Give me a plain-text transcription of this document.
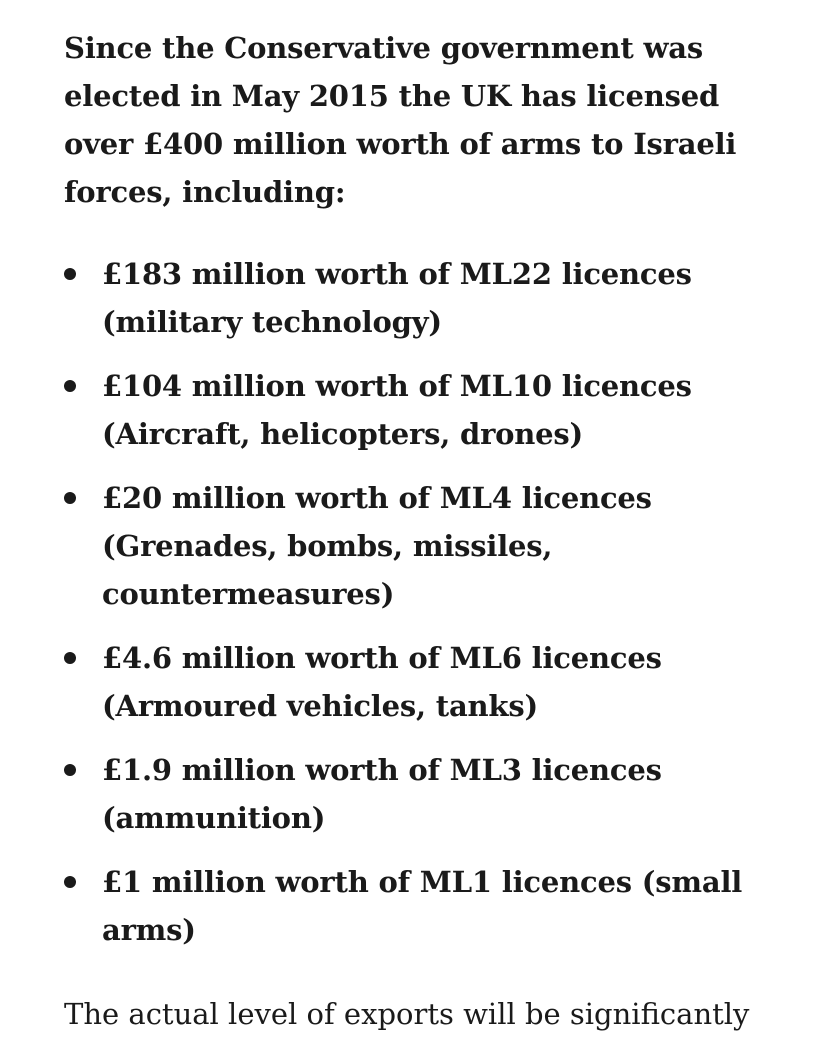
Since the Conservative government was elected in May 2015 the UK has licensed over £400 million worth of arms to Israeli forces, including:

£183 million worth of ML22 licences (military technology)
£104 million worth of ML10 licences (Aircraft, helicopters, drones)
£20 million worth of ML4 licences (Grenades, bombs, missiles, countermeasures)
£4.6 million worth of ML6 licences (Armoured vehicles, tanks)
£1.9 million worth of ML3 licences (ammunition)
£1 million worth of ML1 licences (small arms)

The actual level of exports will be significantly
